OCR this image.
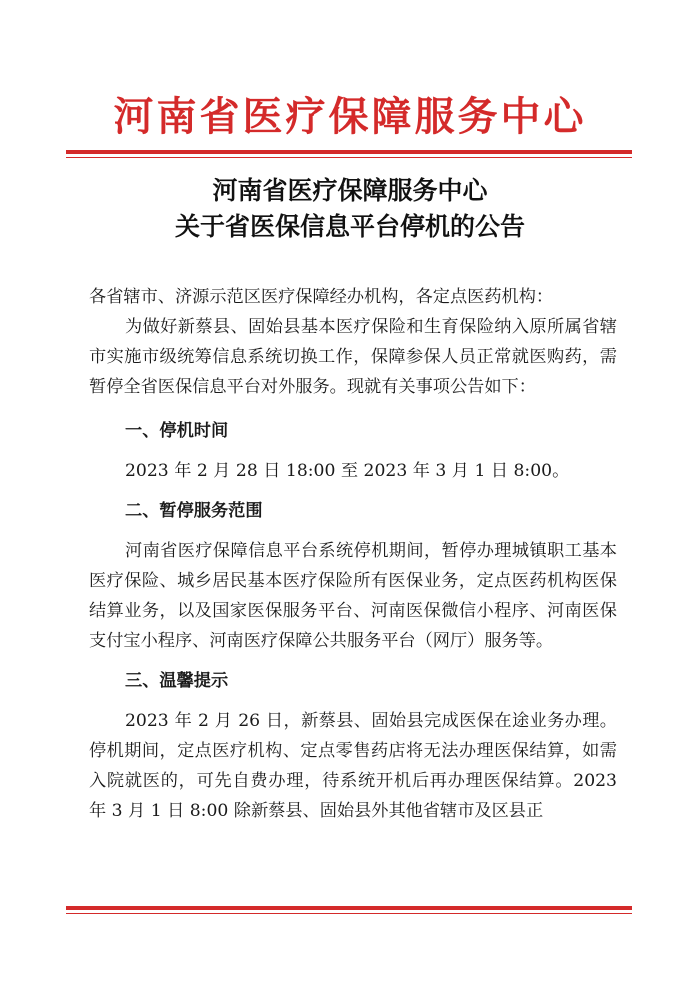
河南省医疗保障服务中心
河南省医疗保障服务中心
关于省医保信息平台停机的公告

各省辖市、济源示范区医疗保障经办机构，各定点医药机构：

为做好新蔡县、固始县基本医疗保险和生育保险纳入原所属省辖市实施市级统筹信息系统切换工作，保障参保人员正常就医购药，需暂停全省医保信息平台对外服务。现就有关事项公告如下：

一、停机时间

2023 年 2 月 28 日 18:00 至 2023 年 3 月 1 日 8:00。

二、暂停服务范围

河南省医疗保障信息平台系统停机期间，暂停办理城镇职工基本医疗保险、城乡居民基本医疗保险所有医保业务，定点医药机构医保结算业务，以及国家医保服务平台、河南医保微信小程序、河南医保支付宝小程序、河南医疗保障公共服务平台（网厅）服务等。

三、温馨提示

2023 年 2 月 26 日，新蔡县、固始县完成医保在途业务办理。停机期间，定点医疗机构、定点零售药店将无法办理医保结算，如需入院就医的，可先自费办理，待系统开机后再办理医保结算。2023 年 3 月 1 日 8:00 除新蔡县、固始县外其他省辖市及区县正
